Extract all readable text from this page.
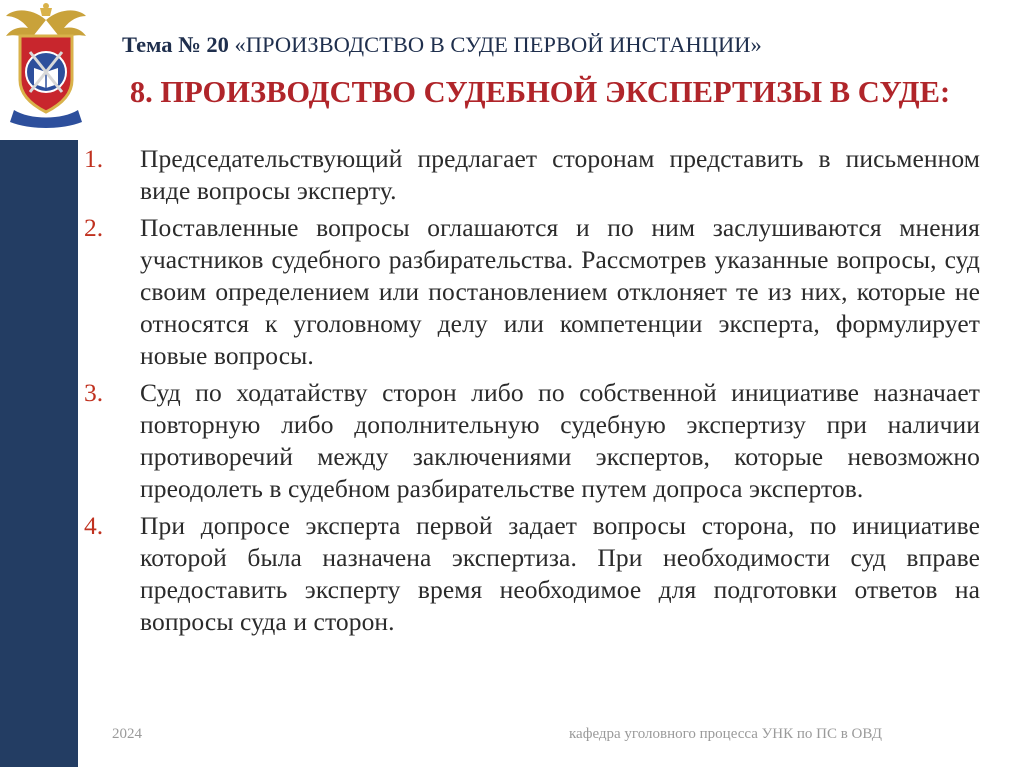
Тема № 20 «ПРОИЗВОДСТВО В СУДЕ ПЕРВОЙ ИНСТАНЦИИ»
8. ПРОИЗВОДСТВО СУДЕБНОЙ ЭКСПЕРТИЗЫ В СУДЕ:
1. Председательствующий предлагает сторонам представить в письменном виде вопросы эксперту.
2. Поставленные вопросы оглашаются и по ним заслушиваются мнения участников судебного разбирательства. Рассмотрев указанные вопросы, суд своим определением или постановлением отклоняет те из них, которые не относятся к уголовному делу или компетенции эксперта, формулирует новые вопросы.
3. Суд по ходатайству сторон либо по собственной инициативе назначает повторную либо дополнительную судебную экспертизу при наличии противоречий между заключениями экспертов, которые невозможно преодолеть в судебном разбирательстве путем допроса экспертов.
4. При допросе эксперта первой задает вопросы сторона, по инициативе которой была назначена экспертиза. При необходимости суд вправе предоставить эксперту время необходимое для подготовки ответов на вопросы суда и сторон.
2024	кафедра уголовного процесса УНК по ПС в ОВД
